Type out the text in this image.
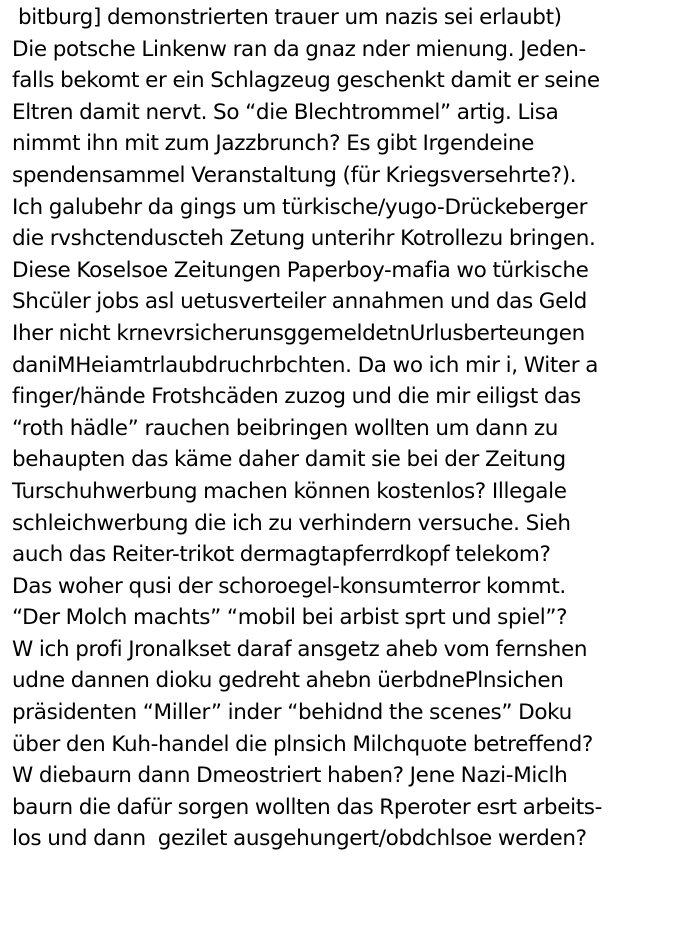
bitburg] demonstrierten trauer um nazis sei erlaubt)
Die potsche Linkenw ran da gnaz nder mienung. Jeden-
falls bekomt er ein Schlagzeug geschenkt damit er seine
Eltren damit nervt. So “die Blechtrommel” artig. Lisa
nimmt ihn mit zum Jazzbrunch? Es gibt Irgendeine
spendensammel Veranstaltung (für Kriegsversehrte?).
Ich galubehr da gings um türkische/yugo-Drückeberger
die rvshctenduscteh Zetung unterihr Kotrollezu bringen.
Diese Koselsoe Zeitungen Paperboy-mafia wo türkische
Shcüler jobs asl uetusverteiler annahmen und das Geld
Iher nicht krnevrsicherunsggemeldetnUrlusberteungen
daniMHeiamtrlaubdruchrbchten. Da wo ich mir i, Witer a
finger/hände Frotshcäden zuzog und die mir eiligst das
“roth hädle” rauchen beibringen wollten um dann zu
behaupten das käme daher damit sie bei der Zeitung
Turschuhwerbung machen können kostenlos? Illegale
schleichwerbung die ich zu verhindern versuche. Sieh
auch das Reiter-trikot dermagtapferrdkopf telekom?
Das woher qusi der schoroegel-konsumterror kommt.
“Der Molch machts” “mobil bei arbist sprt und spiel”?
W ich profi Jronalkset daraf ansgetz aheb vom fernshen
udne dannen dioku gedreht ahebn üerbdnePlnsichen
präsidenten “Miller” inder “behidnd the scenes” Doku
über den Kuh-handel die plnsich Milchquote betreffend?
W diebaurn dann Dmeostriert haben? Jene Nazi-Miclh
baurn die dafür sorgen wollten das Rperoter esrt arbeits-
los und dann  gezilet ausgehungert/obdchlsoe werden?
